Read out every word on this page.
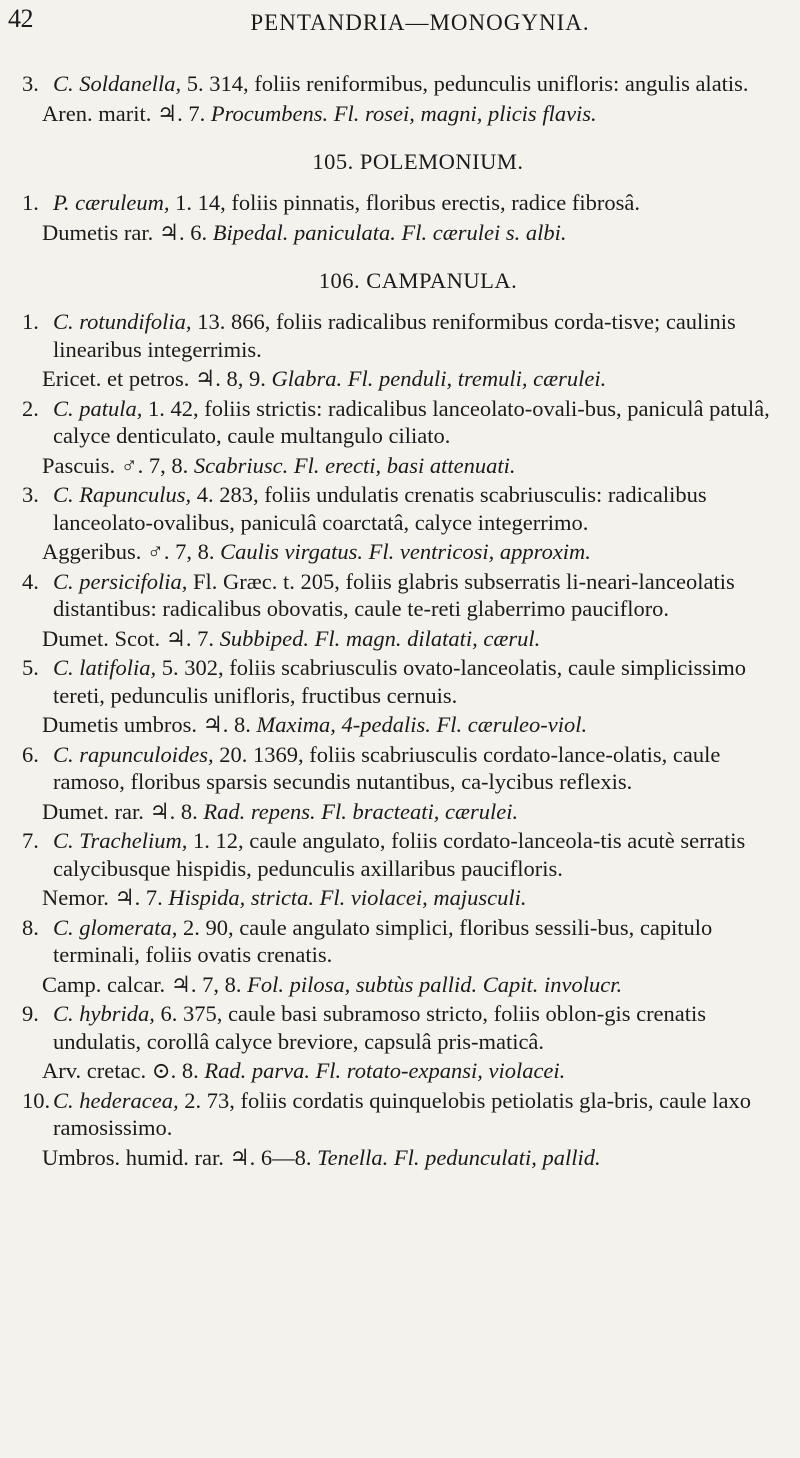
42	PENTANDRIA—MONOGYNIA.

3. C. Soldanella, 5. 314, foliis reniformibus, pedunculis unifloris: angulis alatis.

Aren. marit. ♃. 7. Procumbens. Fl. rosei, magni, plicis flavis.

105. POLEMONIUM.

1. P. cæruleum, 1. 14, foliis pinnatis, floribus erectis, radice fibrosâ.

Dumetis rar. ♃. 6. Bipedal. paniculata. Fl. cærulei s. albi.

106. CAMPANULA.

1. C. rotundifolia, 13. 866, foliis radicalibus reniformibus corda-tisve; caulinis linearibus integerrimis.

Ericet. et petros. ♃. 8, 9. Glabra. Fl. penduli, tremuli, cærulei.

2. C. patula, 1. 42, foliis strictis: radicalibus lanceolato-ovali-bus, paniculâ patulâ, calyce denticulato, caule multangulo ciliato.

Pascuis. ♂. 7, 8. Scabriusc. Fl. erecti, basi attenuati.

3. C. Rapunculus, 4. 283, foliis undulatis crenatis scabriusculis: radicalibus lanceolato-ovalibus, paniculâ coarctatâ, calyce integerrimo.

Aggeribus. ♂. 7, 8. Caulis virgatus. Fl. ventricosi, approxim.

4. C. persicifolia, Fl. Græc. t. 205, foliis glabris subserratis li-neari-lanceolatis distantibus: radicalibus obovatis, caule te-reti glaberrimo paucifloro.

Dumet. Scot. ♃. 7. Subbiped. Fl. magn. dilatati, cærul.

5. C. latifolia, 5. 302, foliis scabriusculis ovato-lanceolatis, caule simplicissimo tereti, pedunculis unifloris, fructibus cernuis.

Dumetis umbros. ♃. 8. Maxima, 4-pedalis. Fl. cæruleo-viol.

6. C. rapunculoides, 20. 1369, foliis scabriusculis cordato-lance-olatis, caule ramoso, floribus sparsis secundis nutantibus, ca-lycibus reflexis.

Dumet. rar. ♃. 8. Rad. repens. Fl. bracteati, cærulei.

7. C. Trachelium, 1. 12, caule angulato, foliis cordato-lanceola-tis acutè serratis calycibusque hispidis, pedunculis axillaribus paucifloris.

Nemor. ♃. 7. Hispida, stricta. Fl. violacei, majusculi.

8. C. glomerata, 2. 90, caule angulato simplici, floribus sessili-bus, capitulo terminali, foliis ovatis crenatis.

Camp. calcar. ♃. 7, 8. Fol. pilosa, subtùs pallid. Capit. involucr.

9. C. hybrida, 6. 375, caule basi subramoso stricto, foliis oblon-gis crenatis undulatis, corollâ calyce breviore, capsulâ pris-maticâ.

Arv. cretac. ⊙. 8. Rad. parva. Fl. rotato-expansi, violacei.

10. C. hederacea, 2. 73, foliis cordatis quinquelobis petiolatis gla-bris, caule laxo ramosissimo.

Umbros. humid. rar. ♃. 6—8. Tenella. Fl. pedunculati, pallid.
